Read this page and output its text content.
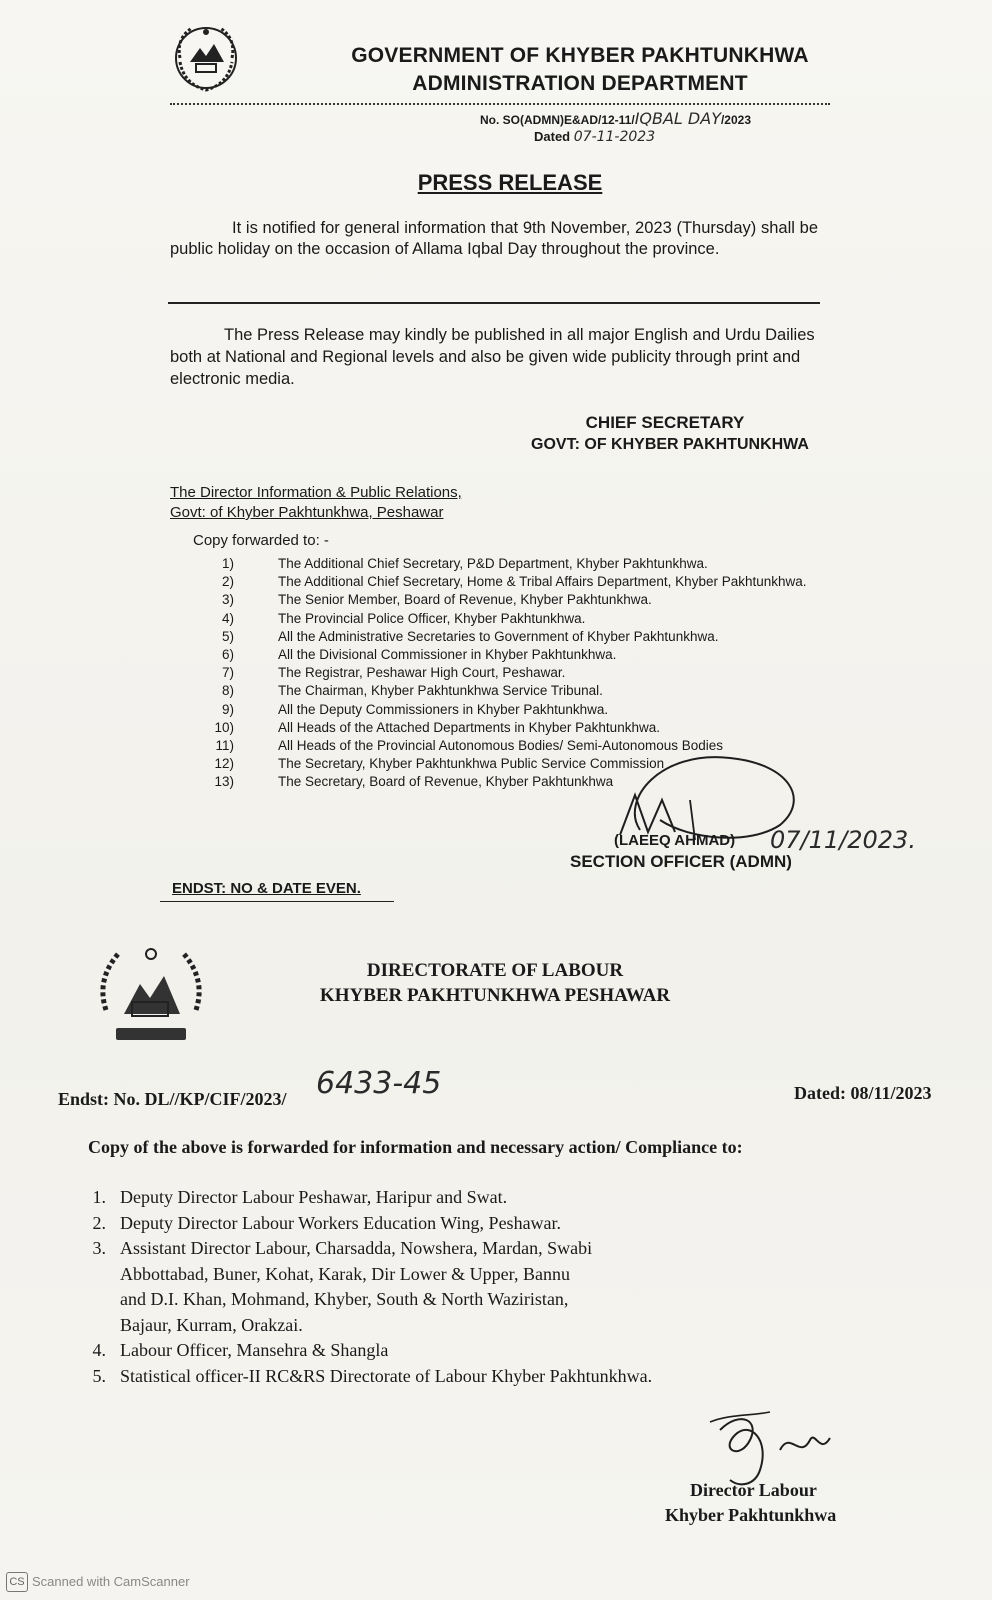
GOVERNMENT OF KHYBER PAKHTUNKHWA
ADMINISTRATION DEPARTMENT
No. SO(ADMN)E&AD/12-11/IQBAL DAY/2023
Dated 07-11-2023
PRESS RELEASE
It is notified for general information that 9th November, 2023 (Thursday) shall be public holiday on the occasion of Allama Iqbal Day throughout the province.
The Press Release may kindly be published in all major English and Urdu Dailies both at National and Regional levels and also be given wide publicity through print and electronic media.
CHIEF SECRETARY
GOVT: OF KHYBER PAKHTUNKHWA
The Director Information & Public Relations,
Govt: of Khyber Pakhtunkhwa, Peshawar
Copy forwarded to: -
1)	The Additional Chief Secretary, P&D Department, Khyber Pakhtunkhwa.
2)	The Additional Chief Secretary, Home & Tribal Affairs Department, Khyber Pakhtunkhwa.
3)	The Senior Member, Board of Revenue, Khyber Pakhtunkhwa.
4)	The Provincial Police Officer, Khyber Pakhtunkhwa.
5)	All the Administrative Secretaries to Government of Khyber Pakhtunkhwa.
6)	All the Divisional Commissioner in Khyber Pakhtunkhwa.
7)	The Registrar, Peshawar High Court, Peshawar.
8)	The Chairman, Khyber Pakhtunkhwa Service Tribunal.
9)	All the Deputy Commissioners in Khyber Pakhtunkhwa.
10)	All Heads of the Attached Departments in Khyber Pakhtunkhwa.
11)	All Heads of the Provincial Autonomous Bodies/ Semi-Autonomous Bodies
12)	The Secretary, Khyber Pakhtunkhwa Public Service Commission
13)	The Secretary, Board of Revenue, Khyber Pakhtunkhwa
(LAEEQ AHMAD) 07/11/2023.
SECTION OFFICER (ADMN)
ENDST: NO & DATE EVEN.
DIRECTORATE OF LABOUR
KHYBER PAKHTUNKHWA PESHAWAR
Endst: No. DL//KP/CIF/2023/ 6433-45	Dated: 08/11/2023
Copy of the above is forwarded for information and necessary action/ Compliance to:
1. Deputy Director Labour Peshawar, Haripur and Swat.
2. Deputy Director Labour Workers Education Wing, Peshawar.
3. Assistant Director Labour, Charsadda, Nowshera, Mardan, Swabi
Abbottabad, Buner, Kohat, Karak, Dir Lower & Upper, Bannu
and D.I. Khan, Mohmand, Khyber, South & North Waziristan,
Bajaur, Kurram, Orakzai.
4. Labour Officer, Mansehra & Shangla
5. Statistical officer-II RC&RS Directorate of Labour Khyber Pakhtunkhwa.
Director Labour
Khyber Pakhtunkhwa
CS Scanned with CamScanner
